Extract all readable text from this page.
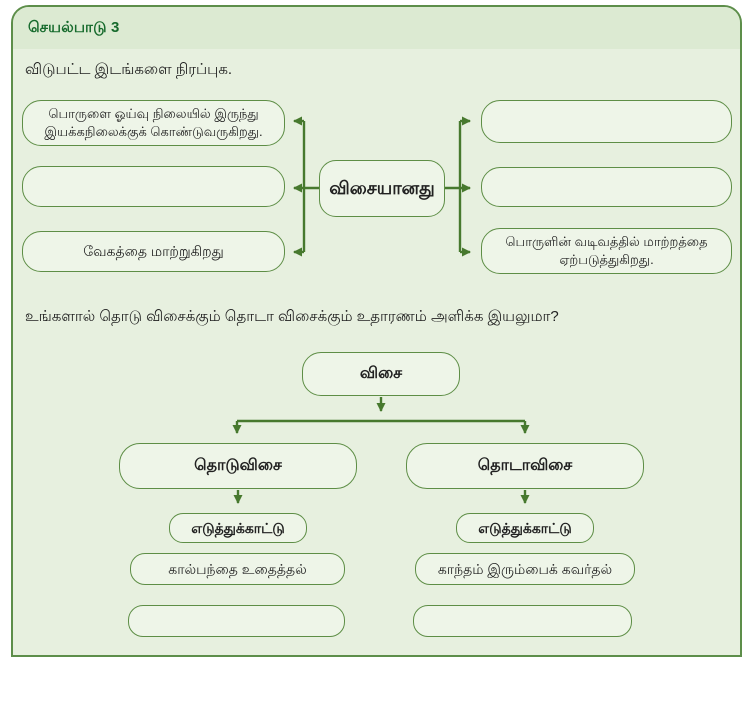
செயல்பாடு 3
விடுபட்ட இடங்களை நிரப்புக.
பொருளை ஓய்வு நிலையில் இருந்து இயக்கநிலைக்குக் கொண்டுவருகிறது.
வேகத்தை மாற்றுகிறது
விசையானது
பொருளின் வடிவத்தில் மாற்றத்தை ஏற்படுத்துகிறது.
உங்களால் தொடு விசைக்கும் தொடா விசைக்கும் உதாரணம் அளிக்க இயலுமா?
விசை
தொடுவிசை	தொடாவிசை
எடுத்துக்காட்டு	எடுத்துக்காட்டு
கால்பந்தை உதைத்தல்	காந்தம் இரும்பைக் கவர்தல்
